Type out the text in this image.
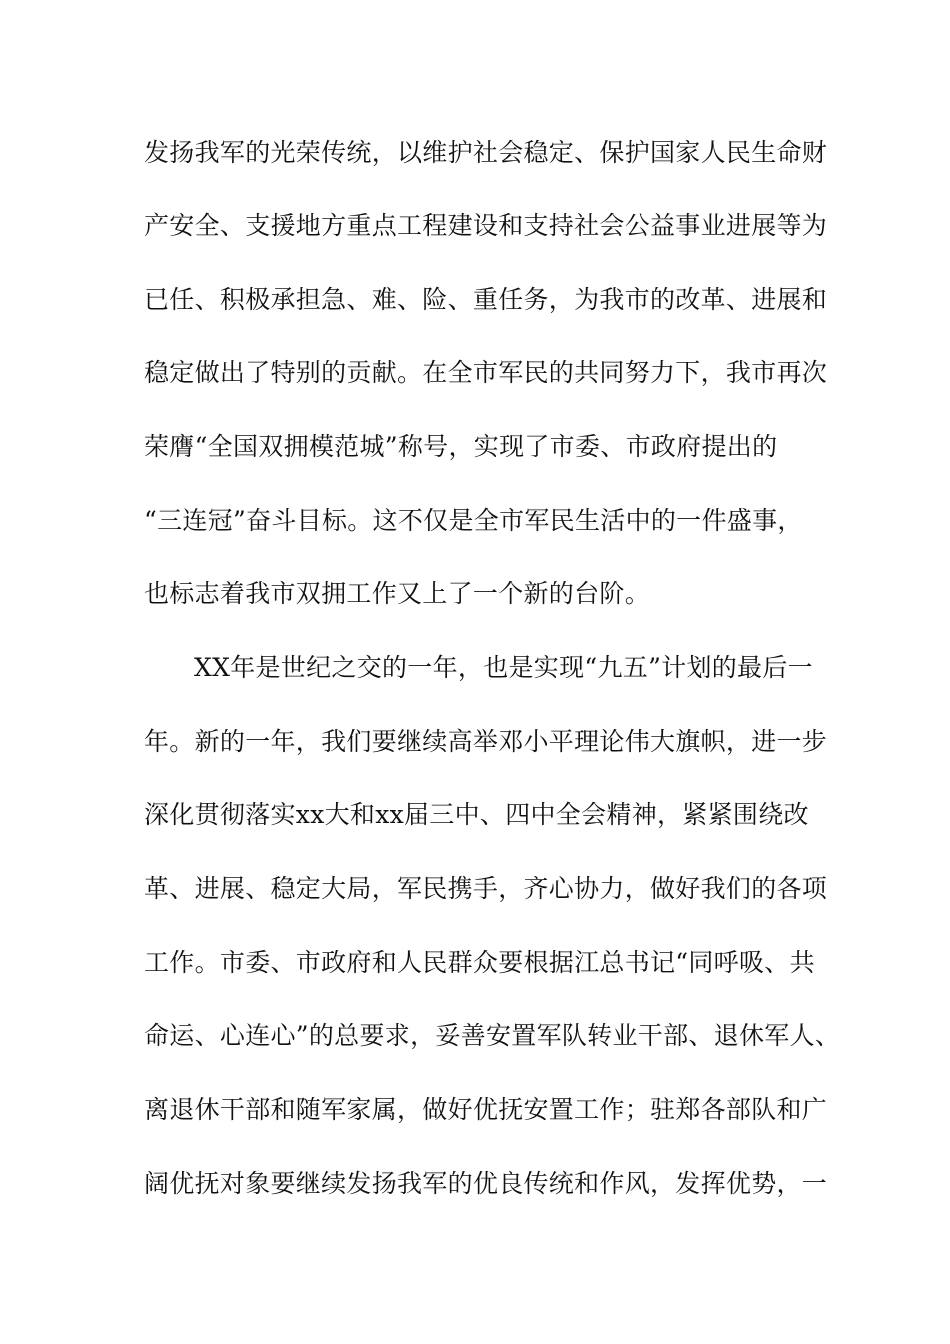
发扬我军的光荣传统，以维护社会稳定、保护国家人民生命财
产安全、支援地方重点工程建设和支持社会公益事业进展等为
已任、积极承担急、难、险、重任务，为我市的改革、进展和
稳定做出了特别的贡献。在全市军民的共同努力下，我市再次
荣膺“全国双拥模范城”称号，实现了市委、市政府提出的
“三连冠”奋斗目标。这不仅是全市军民生活中的一件盛事，
也标志着我市双拥工作又上了一个新的台阶。
XX年是世纪之交的一年，也是实现“九五”计划的最后一
年。新的一年，我们要继续高举邓小平理论伟大旗帜，进一步
深化贯彻落实xx大和xx届三中、四中全会精神，紧紧围绕改
革、进展、稳定大局，军民携手，齐心协力，做好我们的各项
工作。市委、市政府和人民群众要根据江总书记“同呼吸、共
命运、心连心”的总要求，妥善安置军队转业干部、退休军人、
离退休干部和随军家属，做好优抚安置工作；驻郑各部队和广
阔优抚对象要继续发扬我军的优良传统和作风，发挥优势，一
